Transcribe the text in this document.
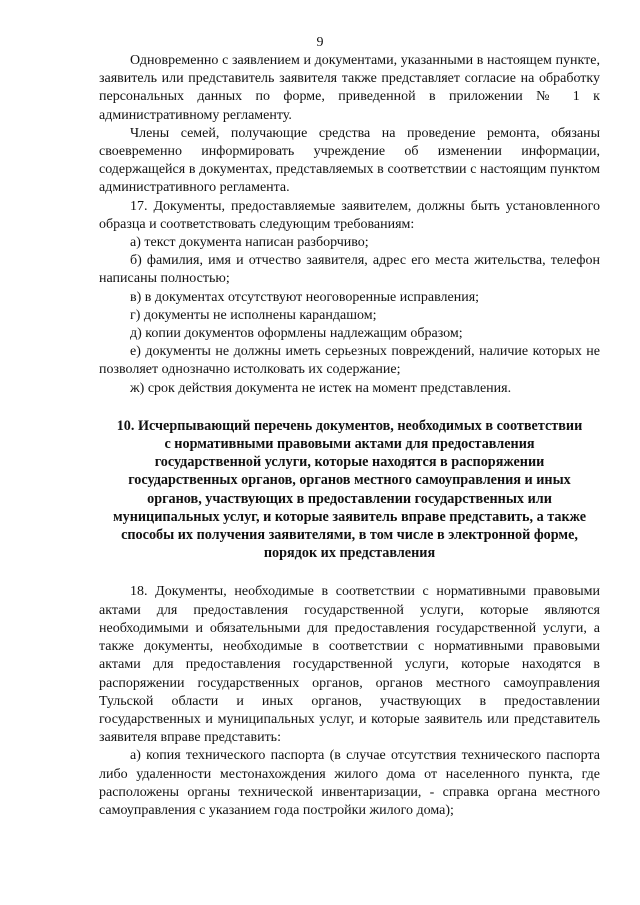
9

Одновременно с заявлением и документами, указанными в настоящем пункте, заявитель или представитель заявителя также представляет согласие на обработку персональных данных по форме, приведенной в приложении № 1 к административному регламенту.

Члены семей, получающие средства на проведение ремонта, обязаны своевременно информировать учреждение об изменении информации, содержащейся в документах, представляемых в соответствии с настоящим пунктом административного регламента.

17. Документы, предоставляемые заявителем, должны быть установленного образца и соответствовать следующим требованиям:

а) текст документа написан разборчиво;

б) фамилия, имя и отчество заявителя, адрес его места жительства, телефон написаны полностью;

в) в документах отсутствуют неоговоренные исправления;

г) документы не исполнены карандашом;

д) копии документов оформлены надлежащим образом;

е) документы не должны иметь серьезных повреждений, наличие которых не позволяет однозначно истолковать их содержание;

ж) срок действия документа не истек на момент представления.

10. Исчерпывающий перечень документов, необходимых в соответствии
с нормативными правовыми актами для предоставления
государственной услуги, которые находятся в распоряжении
государственных органов, органов местного самоуправления и иных
органов, участвующих в предоставлении государственных или
муниципальных услуг, и которые заявитель вправе представить, а также
способы их получения заявителями, в том числе в электронной форме,
порядок их представления

18. Документы, необходимые в соответствии с нормативными правовыми актами для предоставления государственной услуги, которые являются необходимыми и обязательными для предоставления государственной услуги, а также документы, необходимые в соответствии с нормативными правовыми актами для предоставления государственной услуги, которые находятся в распоряжении государственных органов, органов местного самоуправления Тульской области и иных органов, участвующих в предоставлении государственных и муниципальных услуг, и которые заявитель или представитель заявителя вправе представить:

а) копия технического паспорта (в случае отсутствия технического паспорта либо удаленности местонахождения жилого дома от населенного пункта, где расположены органы технической инвентаризации, - справка органа местного самоуправления с указанием года постройки жилого дома);
